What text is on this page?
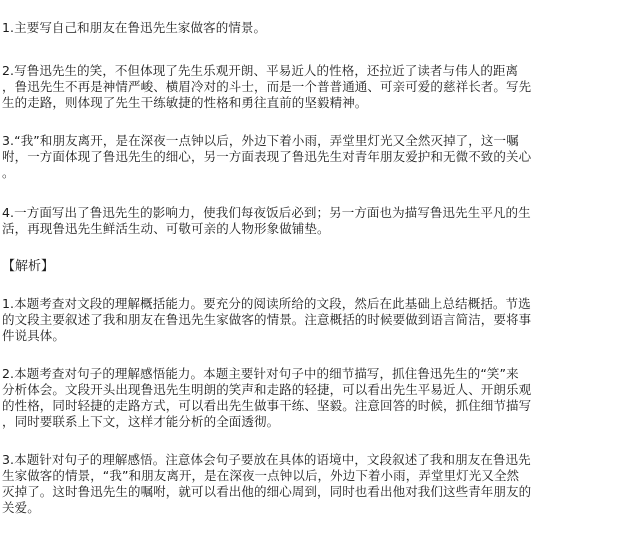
1.主要写自己和朋友在鲁迅先生家做客的情景。
2.写鲁迅先生的笑，不但体现了先生乐观开朗、平易近人的性格，还拉近了读者与伟人的距离
，鲁迅先生不再是神情严峻、横眉冷对的斗士，而是一个普普通通、可亲可爱的慈祥长者。写先
生的走路，则体现了先生干练敏捷的性格和勇往直前的坚毅精神。
3.“我”和朋友离开，是在深夜一点钟以后，外边下着小雨，弄堂里灯光又全然灭掉了，这一嘱
咐，一方面体现了鲁迅先生的细心，另一方面表现了鲁迅先生对青年朋友爱护和无微不致的关心
。
4.一方面写出了鲁迅先生的影响力，使我们每夜饭后必到；另一方面也为描写鲁迅先生平凡的生
活，再现鲁迅先生鲜活生动、可敬可亲的人物形象做铺垫。
【解析】
1.本题考查对文段的理解概括能力。要充分的阅读所给的文段，然后在此基础上总结概括。节选
的文段主要叙述了我和朋友在鲁迅先生家做客的情景。注意概括的时候要做到语言简洁，要将事
件说具体。
2.本题考查对句子的理解感悟能力。本题主要针对句子中的细节描写，抓住鲁迅先生的“笑”来
分析体会。文段开头出现鲁迅先生明朗的笑声和走路的轻捷，可以看出先生平易近人、开朗乐观
的性格，同时轻捷的走路方式，可以看出先生做事干练、坚毅。注意回答的时候，抓住细节描写
，同时要联系上下文，这样才能分析的全面透彻。
3.本题针对句子的理解感悟。注意体会句子要放在具体的语境中，文段叙述了我和朋友在鲁迅先
生家做客的情景，“我”和朋友离开，是在深夜一点钟以后，外边下着小雨，弄堂里灯光又全然
灭掉了。这时鲁迅先生的嘱咐，就可以看出他的细心周到，同时也看出他对我们这些青年朋友的
关爱。
